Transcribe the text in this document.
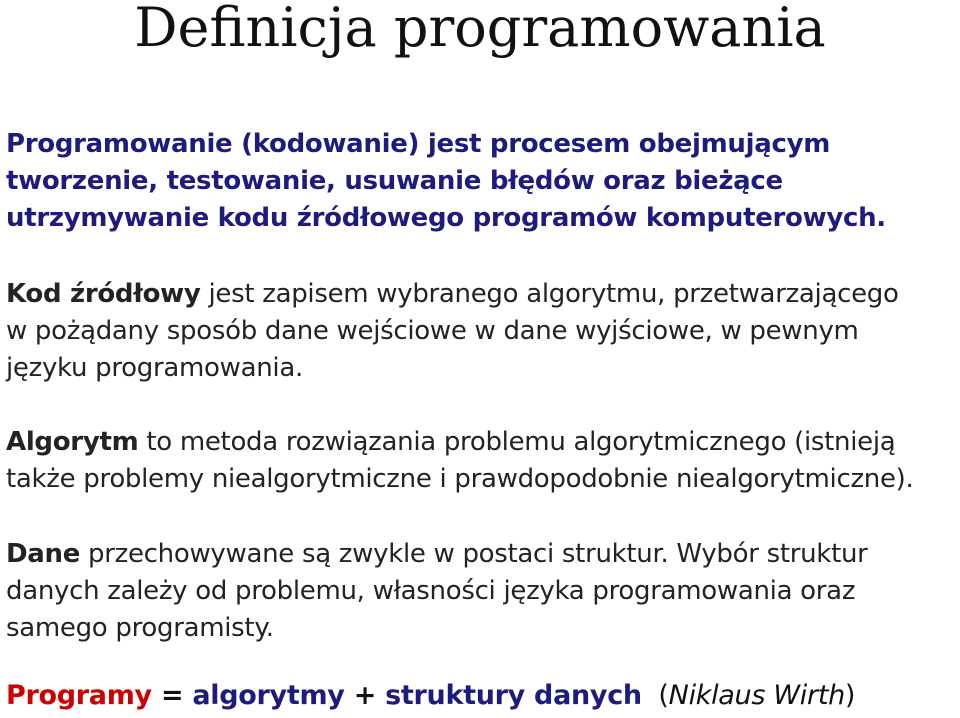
Definicja programowania

Programowanie (kodowanie) jest procesem obejmującym
tworzenie, testowanie, usuwanie błędów oraz bieżące
utrzymywanie kodu źródłowego programów komputerowych.

Kod źródłowy jest zapisem wybranego algorytmu, przetwarzającego
w pożądany sposób dane wejściowe w dane wyjściowe, w pewnym
języku programowania.

Algorytm to metoda rozwiązania problemu algorytmicznego (istnieją
także problemy niealgorytmiczne i prawdopodobnie niealgorytmiczne).

Dane przechowywane są zwykle w postaci struktur. Wybór struktur
danych zależy od problemu, własności języka programowania oraz
samego programisty.

Programy = algorytmy + struktury danych  (Niklaus Wirth)
